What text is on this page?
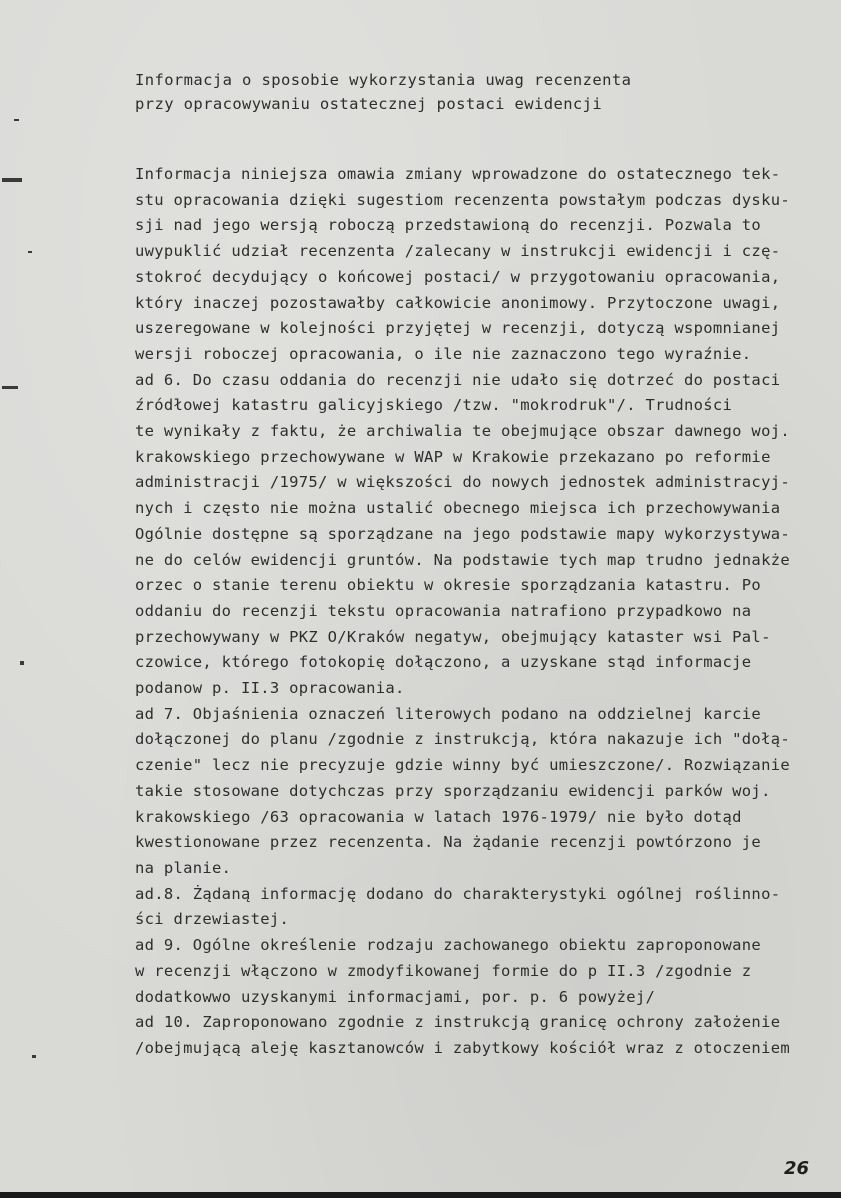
Informacja o sposobie wykorzystania uwag recenzenta
przy opracowywaniu ostatecznej postaci ewidencji
Informacja niniejsza omawia zmiany wprowadzone do ostatecznego tek-
stu opracowania dzięki sugestiom recenzenta powstałym podczas dysku-
sji nad jego wersją roboczą przedstawioną do recenzji. Pozwala to
uwypuklić udział recenzenta /zalecany w instrukcji ewidencji i czę-
stokroć decydujący o końcowej postaci/ w przygotowaniu opracowania,
który inaczej pozostawałby całkowicie anonimowy. Przytoczone uwagi,
uszeregowane w kolejności przyjętej w recenzji, dotyczą wspomnianej
wersji roboczej opracowania, o ile nie zaznaczono tego wyraźnie.
ad 6. Do czasu oddania do recenzji nie udało się dotrzeć do postaci
źródłowej katastru galicyjskiego /tzw. "mokrodruk"/. Trudności
te wynikały z faktu, że archiwalia te obejmujące obszar dawnego woj.
krakowskiego przechowywane w WAP w Krakowie przekazano po reformie
administracji /1975/ w większości do nowych jednostek administracyj-
nych i często nie można ustalić obecnego miejsca ich przechowywania
Ogólnie dostępne są sporządzane na jego podstawie mapy wykorzystywa-
ne do celów ewidencji gruntów. Na podstawie tych map trudno jednakże
orzec o stanie terenu obiektu w okresie sporządzania katastru. Po
oddaniu do recenzji tekstu opracowania natrafiono przypadkowo na
przechowywany w PKZ O/Kraków negatyw, obejmujący kataster wsi Pal-
czowice, którego fotokopię dołączono, a uzyskane stąd informacje
podanow p. II.3 opracowania.
ad 7. Objaśnienia oznaczeń literowych podano na oddzielnej karcie
dołączonej do planu /zgodnie z instrukcją, która nakazuje ich "dołą-
czenie" lecz nie precyzuje gdzie winny być umieszczone/. Rozwiązanie
takie stosowane dotychczas przy sporządzaniu ewidencji parków woj.
krakowskiego /63 opracowania w latach 1976-1979/ nie było dotąd
kwestionowane przez recenzenta. Na żądanie recenzji powtórzono je
na planie.
ad.8. Żądaną informację dodano do charakterystyki ogólnej roślinno-
ści drzewiastej.
ad 9. Ogólne określenie rodzaju zachowanego obiektu zaproponowane
w recenzji włączono w zmodyfikowanej formie do p II.3 /zgodnie z
dodatkowwo uzyskanymi informacjami, por. p. 6 powyżej/
ad 10. Zaproponowano zgodnie z instrukcją granicę ochrony założenie
/obejmującą aleję kasztanowców i zabytkowy kościół wraz z otoczeniem
26
